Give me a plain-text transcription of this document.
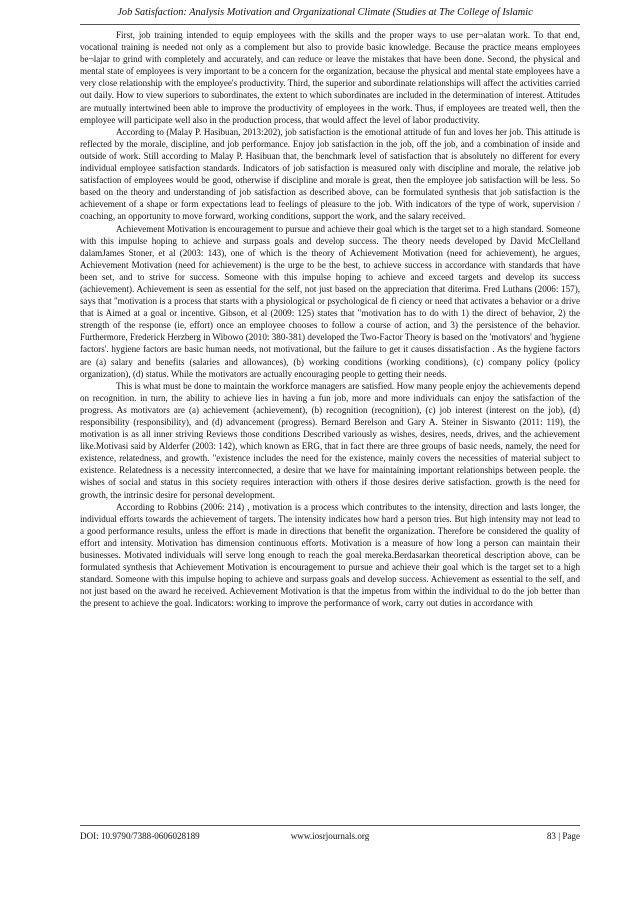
Job Satisfaction: Analysis Motivation and Organizational Climate (Studies at The College of Islamic

First, job training intended to equip employees with the skills and the proper ways to use per¬alatan work. To that end, vocational training is needed not only as a complement but also to provide basic knowledge. Because the practice means employees be¬lajar to grind with completely and accurately, and can reduce or leave the mistakes that have been done. Second, the physical and mental state of employees is very important to be a concern for the organization, because the physical and mental state employees have a very close relationship with the employee's productivity. Third, the superior and subordinate relationships will affect the activities carried out daily. How to view superiors to subordinates, the extent to which subordinates are included in the determination of interest. Attitudes are mutually intertwined been able to improve the productivity of employees in the work. Thus, if employees are treated well, then the employee will participate well also in the production process, that would affect the level of labor productivity.

According to (Malay P. Hasibuan, 2013:202), job satisfaction is the emotional attitude of fun and loves her job. This attitude is reflected by the morale, discipline, and job performance. Enjoy job satisfaction in the job, off the job, and a combination of inside and outside of work. Still according to Malay P. Hasibuan that, the benchmark level of satisfaction that is absolutely no different for every individual employee satisfaction standards. Indicators of job satisfaction is measured only with discipline and morale, the relative job satisfaction of employees would be good, otherwise if discipline and morale is great, then the employee job satisfaction will be less. So based on the theory and understanding of job satisfaction as described above, can be formulated synthesis that job satisfaction is the achievement of a shape or form expectations lead to feelings of pleasure to the job. With indicators of the type of work, supervision / coaching, an opportunity to move forward, working conditions, support the work, and the salary received.

Achievement Motivation is encouragement to pursue and achieve their goal which is the target set to a high standard. Someone with this impulse hoping to achieve and surpass goals and develop success. The theory needs developed by David McClelland dalamJames Stoner, et al (2003: 143), one of which is the theory of Achievement Motivation (need for achievement), he argues, Achievement Motivation (need for achievement) is the urge to be the best, to achieve success in accordance with standards that have been set, and to strive for success. Someone with this impulse hoping to achieve and exceed targets and develop its success (achievement). Achievement is seen as essential for the self, not just based on the appreciation that diterima. Fred Luthans (2006: 157), says that "motivation is a process that starts with a physiological or psychological de fi ciency or need that activates a behavior or a drive that is Aimed at a goal or incentive. Gibson, et al (2009: 125) states that "motivation has to do with 1) the direct of behavior, 2) the strength of the response (ie, effort) once an employee chooses to follow a course of action, and 3) the persistence of the behavior. Furthermore, Frederick Herzberg in Wibowo (2010: 380-381) developed the Two-Factor Theory is based on the 'motivators' and 'hygiene factors'. hygiene factors are basic human needs, not motivational, but the failure to get it causes dissatisfaction . As the hygiene factors are (a) salary and benefits (salaries and allowances), (b) working conditions (working conditions), (c) company policy (policy organization), (d) status. While the motivators are actually encouraging people to getting their needs.

This is what must be done to maintain the workforce managers are satisfied. How many people enjoy the achievements depend on recognition. in turn, the ability to achieve lies in having a fun job, more and more individuals can enjoy the satisfaction of the progress. As motivators are (a) achievement (achievement), (b) recognition (recognition), (c) job interest (interest on the job), (d) responsibility (responsibility), and (d) advancement (progress). Bernard Berelson and Gary A. Steiner in Siswanto (2011: 119), the motivation is as all inner striving Reviews those conditions Described variously as wishes, desires, needs, drives, and the achievement like.Motivasi said by Alderfer (2003: 142), which known as ERG, that in fact there are three groups of basic needs, namely, the need for existence, relatedness, and growth. "existence includes the need for the existence, mainly covers the necessities of material subject to existence. Relatedness is a necessity interconnected, a desire that we have for maintaining important relationships between people. the wishes of social and status in this society requires interaction with others if those desires derive satisfaction. growth is the need for growth, the intrinsic desire for personal development.

According to Robbins (2006: 214) , motivation is a process which contributes to the intensity, direction and lasts longer, the individual efforts towards the achievement of targets. The intensity indicates how hard a person tries. But high intensity may not lead to a good performance results, unless the effort is made in directions that benefit the organization. Therefore be considered the quality of effort and intensity. Motivation has dimension continuous efforts. Motivation is a measure of how long a person can maintain their businesses. Motivated individuals will serve long enough to reach the goal mereka.Berdasarkan theoretical description above, can be formulated synthesis that Achievement Motivation is encouragement to pursue and achieve their goal which is the target set to a high standard. Someone with this impulse hoping to achieve and surpass goals and develop success. Achievement as essential to the self, and not just based on the award he received. Achievement Motivation is that the impetus from within the individual to do the job better than the present to achieve the goal. Indicators: working to improve the performance of work, carry out duties in accordance with

DOI: 10.9790/7388-0606028189	www.iosrjournals.org	83 | Page
